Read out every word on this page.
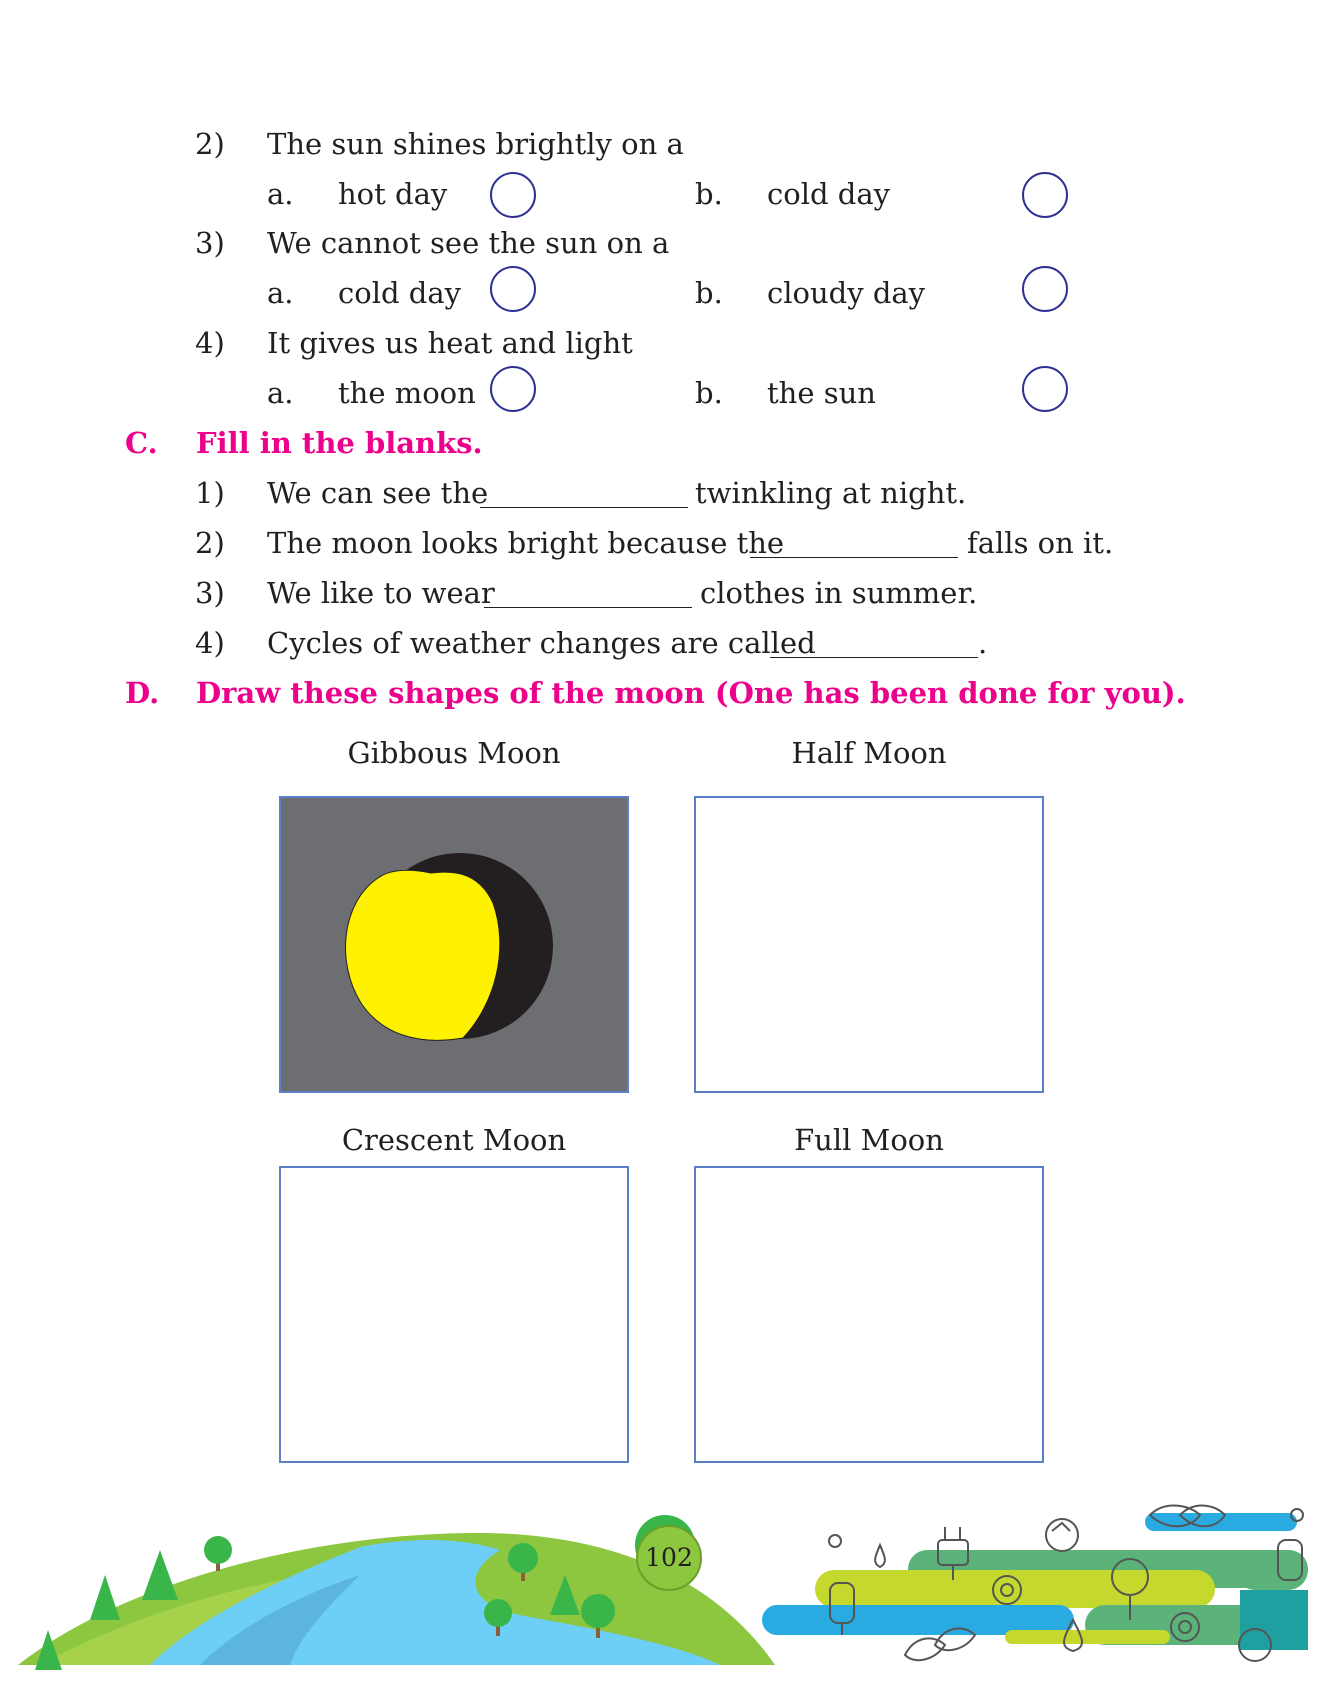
2) The sun shines brightly on a
a. hot day	b. cold day
3) We cannot see the sun on a
a. cold day	b. cloudy day
4) It gives us heat and light
a. the moon	b. the sun
C. Fill in the blanks.
1) We can see the	twinkling at night.
2) The moon looks bright because the	falls on it.
3) We like to wear	clothes in summer.
4) Cycles of weather changes are called	.
D. Draw these shapes of the moon (One has been done for you).
Gibbous Moon	Half Moon
Crescent Moon	Full Moon
102
